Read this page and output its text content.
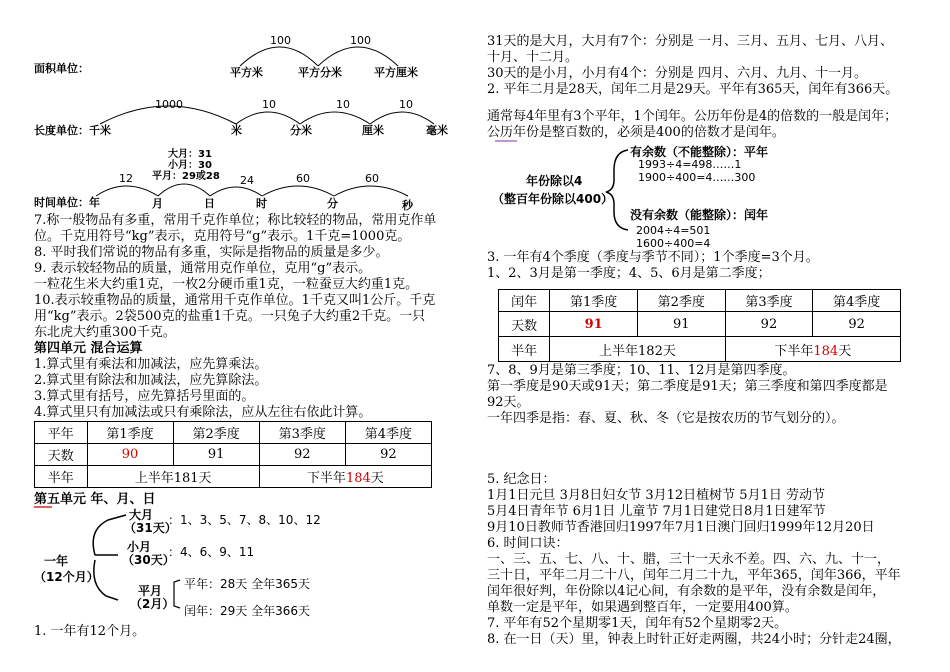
面积单位：
100	100
平方米	平方分米	平方厘米
1000	10	10	10
长度单位：千米	米	分米	厘米	毫米
大月：31
小月：30
平月：29或28
12	24	60	60
时间单位：年	月	日	时	分	秒
7.称一般物品有多重，常用千克作单位；称比较轻的物品，常用克作单
位。千克用符号“kg”表示，克用符号“g”表示。1千克=1000克。
8. 平时我们常说的物品有多重，实际是指物品的质量是多少。
9. 表示较轻物品的质量，通常用克作单位，克用“g”表示。
一粒花生米大约重1克，一枚2分硬币重1克，一粒蚕豆大约重1克。
10.表示较重物品的质量，通常用千克作单位。1千克又叫1公斤。千克
用“kg”表示。2袋500克的盐重1千克。一只兔子大约重2千克。一只
东北虎大约重300千克。
第四单元 混合运算
1.算式里有乘法和加减法，应先算乘法。
2.算式里有除法和加减法，应先算除法。
3.算式里有括号，应先算括号里面的。
4.算式里只有加减法或只有乘除法，应从左往右依此计算。
平年	第1季度	第2季度	第3季度	第4季度
天数	90	91	92	92
半年	上半年181天		下半年184天	
第五单元 年、月、日
大月
（31天）
：1、3、5、7、8、10、12
一年
（12个月）
小月
（30天）
：4、6、9、11
平月
（2月）
平年：28天 全年365天
闰年：29天 全年366天
1. 一年有12个月。
31天的是大月，大月有7个：分别是 一月、三月、五月、七月、八月、
十月、十二月。
30天的是小月，小月有4个：分别是 四月、六月、九月、十一月。
2. 平年二月是28天，闰年二月是29天。平年有365天，闰年有366天。
通常每4年里有3个平年，1个闰年。公历年份是4的倍数的一般是闰年；
公历年份是整百数的，必须是400的倍数才是闰年。
年份除以4
（整百年份除以400）
有余数（不能整除）：平年
1993÷4=498……1
1900÷400=4……300
没有余数（能整除）：闰年
2004÷4=501
1600÷400=4
3. 一年有4个季度（季度与季节不同）；1个季度=3个月。
1、2、3月是第一季度；4、5、6月是第二季度；
闰年	第1季度	第2季度	第3季度	第4季度
天数	91	91	92	92
半年	上半年182天		下半年184天	
7、8、9月是第三季度；10、11、12月是第四季度。
第一季度是90天或91天；第二季度是91天；第三季度和第四季度都是
92天。
一年四季是指：春、夏、秋、冬（它是按农历的节气划分的）。
5. 纪念日：
1月1日元旦 3月8日妇女节 3月12日植树节 5月1日 劳动节
5月4日青年节 6月1日 儿童节 7月1日建党日8月1日建军节
9月10日教师节香港回归1997年7月1日澳门回归1999年12月20日
6. 时间口诀：
一、三、五、七、八、十、腊，三十一天永不差。四、六、九、十一，
三十日，平年二月二十八，闰年二月二十九，平年365，闰年366，平年
闰年很好判，年份除以4记心间，有余数的是平年，没有余数是闰年，
单数一定是平年，如果遇到整百年，一定要用400算。
7. 平年有52个星期零1天，闰年有52个星期零2天。
8. 在一日（天）里，钟表上时针正好走两圈，共24小时；分针走24圈，
